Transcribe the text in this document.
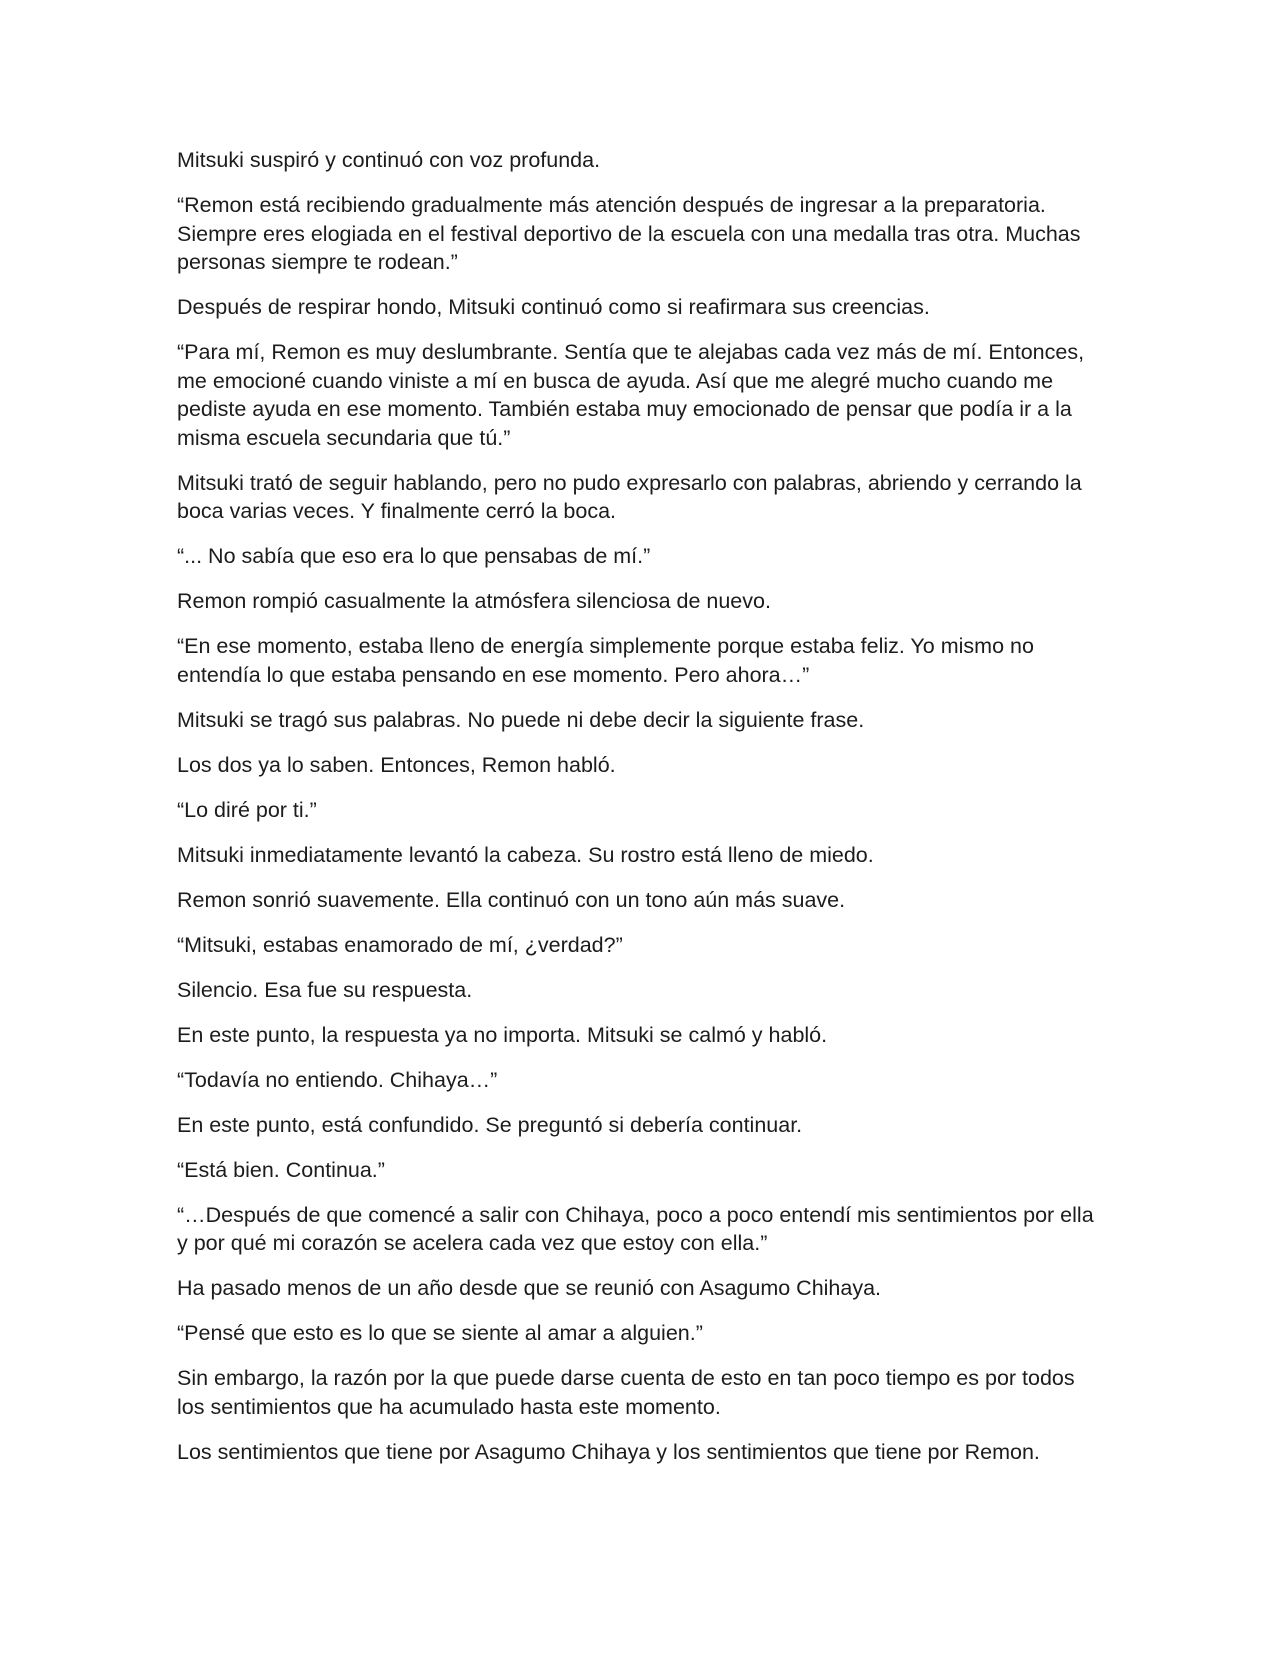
Mitsuki suspiró y continuó con voz profunda.

“Remon está recibiendo gradualmente más atención después de ingresar a la preparatoria. Siempre eres elogiada en el festival deportivo de la escuela con una medalla tras otra. Muchas personas siempre te rodean.”

Después de respirar hondo, Mitsuki continuó como si reafirmara sus creencias.

“Para mí, Remon es muy deslumbrante. Sentía que te alejabas cada vez más de mí. Entonces, me emocioné cuando viniste a mí en busca de ayuda. Así que me alegré mucho cuando me pediste ayuda en ese momento. También estaba muy emocionado de pensar que podía ir a la misma escuela secundaria que tú.”

Mitsuki trató de seguir hablando, pero no pudo expresarlo con palabras, abriendo y cerrando la boca varias veces. Y finalmente cerró la boca.

“... No sabía que eso era lo que pensabas de mí.”

Remon rompió casualmente la atmósfera silenciosa de nuevo.

“En ese momento, estaba lleno de energía simplemente porque estaba feliz. Yo mismo no entendía lo que estaba pensando en ese momento. Pero ahora…”

Mitsuki se tragó sus palabras. No puede ni debe decir la siguiente frase.

Los dos ya lo saben. Entonces, Remon habló.

“Lo diré por ti.”

Mitsuki inmediatamente levantó la cabeza. Su rostro está lleno de miedo.

Remon sonrió suavemente. Ella continuó con un tono aún más suave.

“Mitsuki, estabas enamorado de mí, ¿verdad?”

Silencio. Esa fue su respuesta.

En este punto, la respuesta ya no importa. Mitsuki se calmó y habló.

“Todavía no entiendo. Chihaya…”

En este punto, está confundido. Se preguntó si debería continuar.

“Está bien. Continua.”

“…Después de que comencé a salir con Chihaya, poco a poco entendí mis sentimientos por ella y por qué mi corazón se acelera cada vez que estoy con ella.”

Ha pasado menos de un año desde que se reunió con Asagumo Chihaya.

“Pensé que esto es lo que se siente al amar a alguien.”

Sin embargo, la razón por la que puede darse cuenta de esto en tan poco tiempo es por todos los sentimientos que ha acumulado hasta este momento.

Los sentimientos que tiene por Asagumo Chihaya y los sentimientos que tiene por Remon.
